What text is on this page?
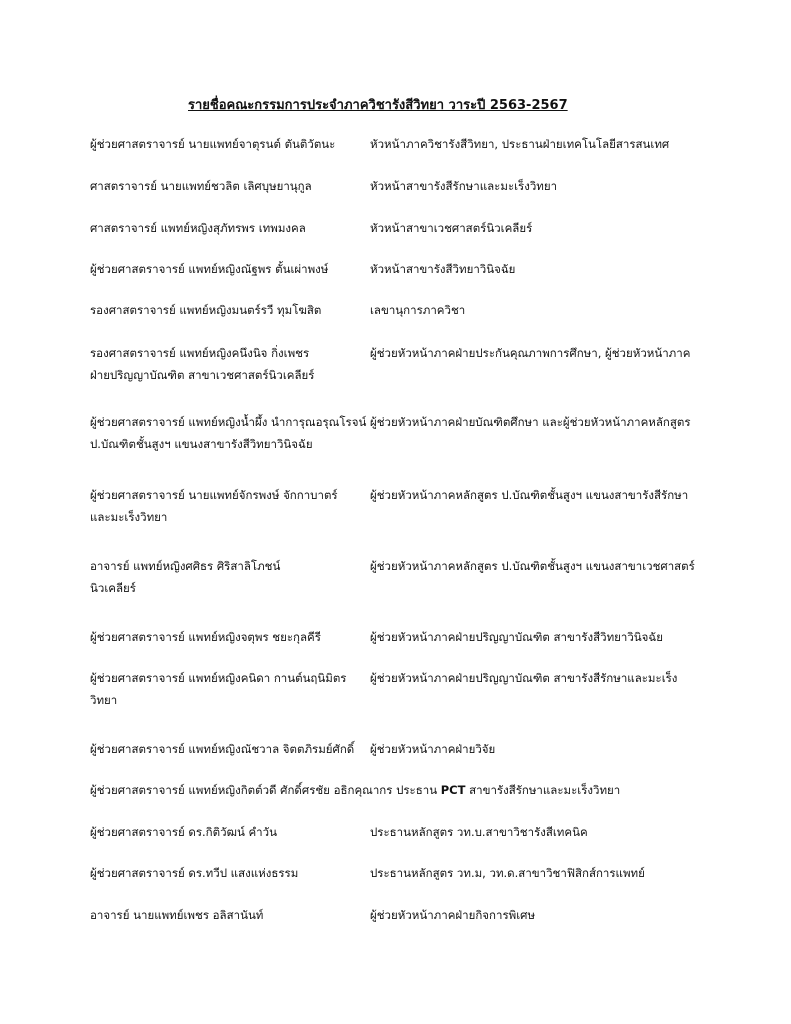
รายชื่อคณะกรรมการประจำภาควิชารังสีวิทยา วาระปี 2563-2567
ผู้ช่วยศาสตราจารย์ นายแพทย์จาตุรนต์ ตันติวัตนะ	หัวหน้าภาควิชารังสีวิทยา, ประธานฝ่ายเทคโนโลยีสารสนเทศ
ศาสตราจารย์ นายแพทย์ชวลิต เลิศบุษยานุกูล	หัวหน้าสาขารังสีรักษาและมะเร็งวิทยา
ศาสตราจารย์ แพทย์หญิงสุภัทรพร เทพมงคล	หัวหน้าสาขาเวชศาสตร์นิวเคลียร์
ผู้ช่วยศาสตราจารย์ แพทย์หญิงณัฐพร ตั้นเผ่าพงษ์	หัวหน้าสาขารังสีวิทยาวินิจฉัย
รองศาสตราจารย์ แพทย์หญิงมนตร์รวี ทุมโฆสิต	เลขานุการภาควิชา
รองศาสตราจารย์ แพทย์หญิงคนึงนิจ กิ่งเพชร	ผู้ช่วยหัวหน้าภาคฝ่ายประกันคุณภาพการศึกษา, ผู้ช่วยหัวหน้าภาค
ฝ่ายปริญญาบัณฑิต สาขาเวชศาสตร์นิวเคลียร์
ผู้ช่วยศาสตราจารย์ แพทย์หญิงน้ำผึ้ง นำการุณอรุณโรจน์ ผู้ช่วยหัวหน้าภาคฝ่ายบัณฑิตศึกษา และผู้ช่วยหัวหน้าภาคหลักสูตร
ป.บัณฑิตชั้นสูงฯ แขนงสาขารังสีวิทยาวินิจฉัย
ผู้ช่วยศาสตราจารย์ นายแพทย์จักรพงษ์ จักกาบาตร์	ผู้ช่วยหัวหน้าภาคหลักสูตร ป.บัณฑิตชั้นสูงฯ แขนงสาขารังสีรักษา
และมะเร็งวิทยา
อาจารย์ แพทย์หญิงศศิธร ศิริสาลิโภชน์	ผู้ช่วยหัวหน้าภาคหลักสูตร ป.บัณฑิตชั้นสูงฯ แขนงสาขาเวชศาสตร์
นิวเคลียร์
ผู้ช่วยศาสตราจารย์ แพทย์หญิงจตุพร ชยะกุลคีรี	ผู้ช่วยหัวหน้าภาคฝ่ายปริญญาบัณฑิต สาขารังสีวิทยาวินิจฉัย
ผู้ช่วยศาสตราจารย์ แพทย์หญิงคนิดา กานต์นฤนิมิตร ผู้ช่วยหัวหน้าภาคฝ่ายปริญญาบัณฑิต สาขารังสีรักษาและมะเร็ง
วิทยา
ผู้ช่วยศาสตราจารย์ แพทย์หญิงณัชวาล จิตตภิรมย์ศักดิ์ ผู้ช่วยหัวหน้าภาคฝ่ายวิจัย
ผู้ช่วยศาสตราจารย์ แพทย์หญิงกิตต์วดี ศักดิ์ศรชัย อธิกคุณากร ประธาน PCT สาขารังสีรักษาและมะเร็งวิทยา
ผู้ช่วยศาสตราจารย์ ดร.กิติวัฒน์ คำวัน	ประธานหลักสูตร วท.บ.สาขาวิชารังสีเทคนิค
ผู้ช่วยศาสตราจารย์ ดร.ทวีป แสงแห่งธรรม	ประธานหลักสูตร วท.ม, วท.ด.สาขาวิชาฟิสิกส์การแพทย์
อาจารย์ นายแพทย์เพชร อลิสานันท์	ผู้ช่วยหัวหน้าภาคฝ่ายกิจการพิเศษ
